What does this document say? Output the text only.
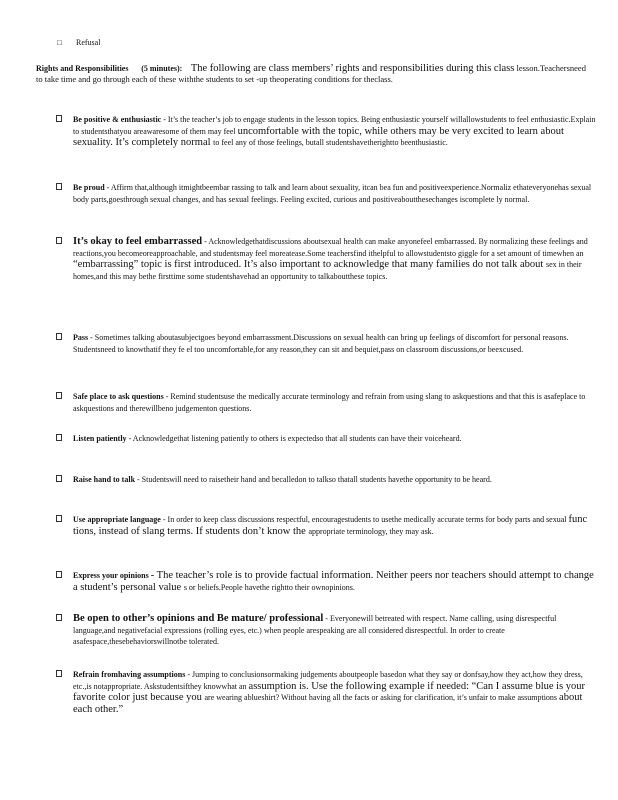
□ Refusal
Rights and Responsibilities (5 minutes): The following are class members’ rights and responsibilities during this class lesson.Teachersneed to take time and go through each of these withthe students to set -up theoperating conditions for theclass.
Be positive & enthusiastic - It’s the teacher’s job to engage students in the lesson topics. Being enthusiastic yourself willallowstudents to feel enthusiastic.Explain to studentsthatyou areawaresome of them may feel uncomfortable with the topic, while others may be very excited to learn about sexuality. It’s completely normal to feel any of those feelings, butall studentshavetherightto beenthusiastic.
Be proud - Affirm that,although itmightbeembar rassing to talk and learn about sexuality, itcan bea fun and positiveexperience.Normaliz ethateveryonehas sexual body parts,goesthrough sexual changes, and has sexual feelings. Feeling excited, curious and positiveaboutthesechanges iscomplete ly normal.
It’s okay to feel embarrassed - Acknowledgethatdiscussions aboutsexual health can make anyonefeel embarrassed. By normalizing these feelings and reactions,you becomeoreapproachable, and studentsmay feel moreatease.Some teachersfind ithelpful to allowstudentsto giggle for a set amount of timewhen an “embarrassing” topic is first introduced. It’s also important to acknowledge that many families do not talk about sex in their homes,and this may bethe firsttime some studentshavehad an opportunity to talkaboutthese topics.
Pass - Sometimes talking aboutasubjectgoes beyond embarrassment.Discussions on sexual health can bring up feelings of discomfort for personal reasons. Studentsneed to knowthatif they fe el too uncomfortable,for any reason,they can sit and bequiet,pass on classroom discussions,or beexcused.
Safe place to ask questions - Remind studentsuse the medically accurate terminology and refrain from using slang to askquestions and that this is asafeplace to askquestions and therewillbeno judgementon questions.
Listen patiently - Acknowledgethat listening patiently to others is expectedso that all students can have their voiceheard.
Raise hand to talk - Studentswill need to raisetheir hand and becalledon to talkso thatall students havethe opportunity to be heard.
Use appropriate language - In order to keep class discussions respectful, encouragestudents to usethe medically accurate terms for body parts and sexual func tions, instead of slang terms. If students don’t know the appropriate terminology, they may ask.
Express your opinions - The teacher’s role is to provide factual information. Neither peers nor teachers should attempt to change a student’s personal value s or beliefs.People havethe rightto their ownopinions.
Be open to other’s opinions and Be mature/ professional - Everyonewill betreated with respect. Name calling, using disrespectful language,and negativefacial expressions (rolling eyes, etc.) when people arespeaking are all considered disrespectful. In order to create asafespace,thesebehaviorswillnotbe tolerated.
Refrain fromhaving assumptions - Jumping to conclusionsormaking judgements aboutpeople basedon what they say or donfsay,how they act,how they dress, etc.,is notappropriate. Askstudentsifthey knowwhat an assumption is. Use the following example if needed: “Can I assume blue is your favorite color just because you are wearing ablueshirt? Without having all the facts or asking for clarification, it’s unfair to make assumptions about each other.”
